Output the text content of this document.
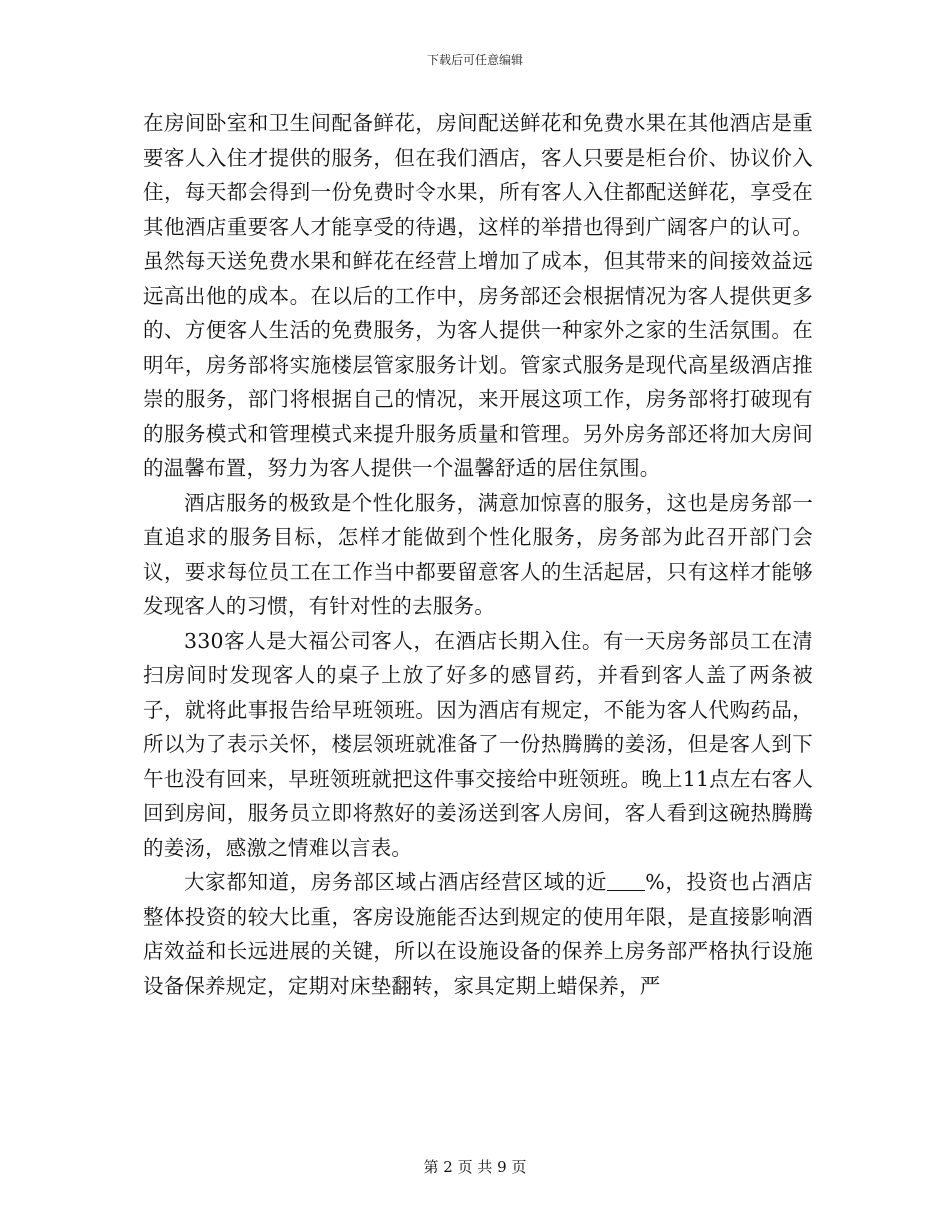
下载后可任意编辑

在房间卧室和卫生间配备鲜花，房间配送鲜花和免费水果在其他酒店是重要客人入住才提供的服务，但在我们酒店，客人只要是柜台价、协议价入住，每天都会得到一份免费时令水果，所有客人入住都配送鲜花，享受在其他酒店重要客人才能享受的待遇，这样的举措也得到广阔客户的认可。虽然每天送免费水果和鲜花在经营上增加了成本，但其带来的间接效益远远高出他的成本。在以后的工作中，房务部还会根据情况为客人提供更多的、方便客人生活的免费服务，为客人提供一种家外之家的生活氛围。在明年，房务部将实施楼层管家服务计划。管家式服务是现代高星级酒店推崇的服务，部门将根据自己的情况，来开展这项工作，房务部将打破现有的服务模式和管理模式来提升服务质量和管理。另外房务部还将加大房间的温馨布置，努力为客人提供一个温馨舒适的居住氛围。

酒店服务的极致是个性化服务，满意加惊喜的服务，这也是房务部一直追求的服务目标，怎样才能做到个性化服务，房务部为此召开部门会议，要求每位员工在工作当中都要留意客人的生活起居，只有这样才能够发现客人的习惯，有针对性的去服务。

330客人是大福公司客人，在酒店长期入住。有一天房务部员工在清扫房间时发现客人的桌子上放了好多的感冒药，并看到客人盖了两条被子，就将此事报告给早班领班。因为酒店有规定，不能为客人代购药品，所以为了表示关怀，楼层领班就准备了一份热腾腾的姜汤，但是客人到下午也没有回来，早班领班就把这件事交接给中班领班。晚上11点左右客人回到房间，服务员立即将熬好的姜汤送到客人房间，客人看到这碗热腾腾的姜汤，感激之情难以言表。

大家都知道，房务部区域占酒店经营区域的近 %，投资也占酒店整体投资的较大比重，客房设施能否达到规定的使用年限，是直接影响酒店效益和长远进展的关键，所以在设施设备的保养上房务部严格执行设施设备保养规定，定期对床垫翻转，家具定期上蜡保养，严

第 2 页 共 9 页
